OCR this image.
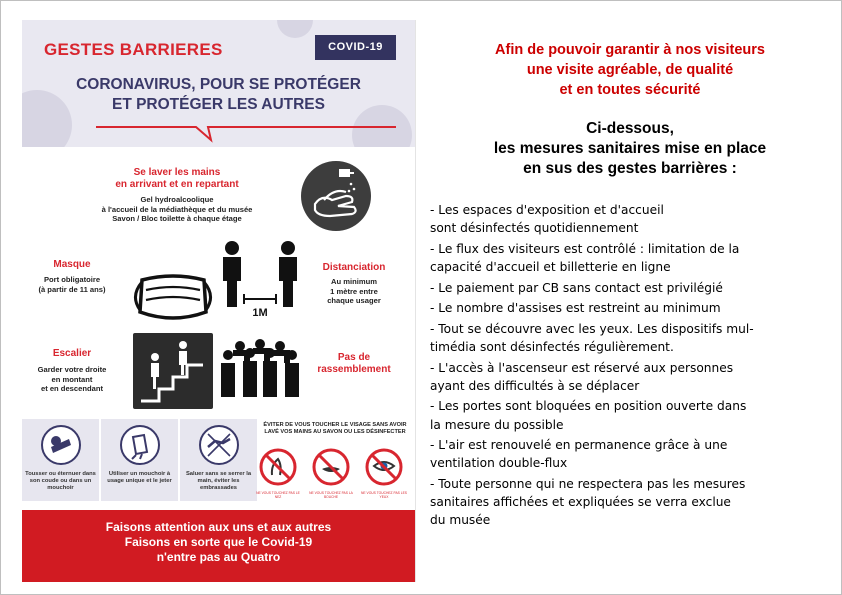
GESTES BARRIERES	COVID-19
CORONAVIRUS, POUR SE PROTÉGER
ET PROTÉGER LES AUTRES
Se laver les mains
en arrivant et en repartant
Gel hydroalcoolique
à l'accueil de la médiathèque et du musée
Savon / Bloc toilette à chaque étage
Masque
Port obligatoire
(à partir de 11 ans)
1M
Distanciation
Au minimum
1 mètre entre
chaque usager
Escalier
Garder votre droite
en montant
et en descendant
Pas de
rassemblement
Tousser ou éternuer dans son coude ou dans un mouchoir
Utiliser un mouchoir à usage unique et le jeter
Saluer sans se serrer la main, éviter les embrassades
ÉVITER DE VOUS TOUCHER LE VISAGE SANS AVOIR LAVÉ VOS MAINS AU SAVON OU LES DÉSINFECTER
NE VOUS TOUCHEZ PAS LE NEZ
NE VOUS TOUCHEZ PAS LA BOUCHE
NE VOUS TOUCHEZ PAS LES YEUX
Faisons attention aux uns et aux autres
Faisons en sorte que le Covid-19
n'entre pas au Quatro
Afin de pouvoir garantir à nos visiteurs
une visite agréable, de qualité
et en toutes sécurité
Ci-dessous,
les mesures sanitaires mise en place
en sus des gestes barrières :
- Les espaces d'exposition et d'accueil
sont désinfectés quotidiennement
- Le flux des visiteurs est contrôlé : limitation de la
capacité d'accueil et billetterie en ligne
- Le paiement par CB sans contact est privilégié
- Le nombre d'assises est restreint au minimum
- Tout se découvre avec les yeux. Les dispositifs mul-
timédia sont désinfectés régulièrement.
- L'accès à l'ascenseur est réservé aux personnes
ayant des difficultés à se déplacer
- Les portes sont bloquées en position ouverte dans
la mesure du possible
- L'air est renouvelé en permanence grâce à une
ventilation double-flux
- Toute personne qui ne respectera pas les mesures
sanitaires affichées et expliquées se verra exclue
du musée
